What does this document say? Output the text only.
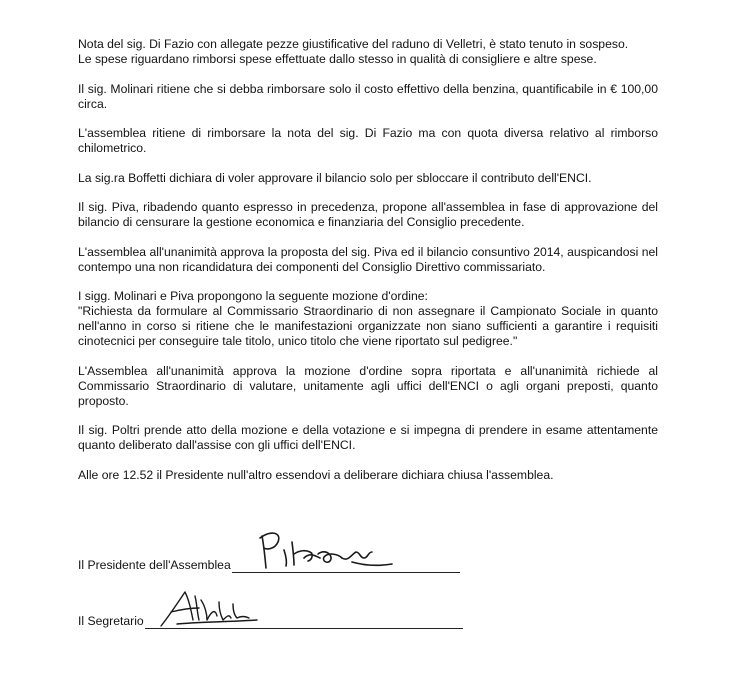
Nota del sig. Di Fazio con allegate pezze giustificative del raduno di Velletri, è stato tenuto in sospeso.
Le spese riguardano rimborsi spese effettuate dallo stesso in qualità di consigliere e altre spese.

Il sig. Molinari ritiene che si debba rimborsare solo il costo effettivo della benzina, quantificabile in € 100,00 circa.

L'assemblea ritiene di rimborsare la nota del sig. Di Fazio ma con quota diversa relativo al rimborso chilometrico.

La sig.ra Boffetti dichiara di voler approvare il bilancio solo per sbloccare il contributo dell'ENCI.

Il sig. Piva, ribadendo quanto espresso in precedenza, propone all'assemblea in fase di approvazione del bilancio di censurare la gestione economica e finanziaria del Consiglio precedente.

L'assemblea all'unanimità approva la proposta del sig. Piva ed il bilancio consuntivo 2014, auspicandosi nel contempo una non ricandidatura dei componenti del Consiglio Direttivo commissariato.

I sigg. Molinari e Piva propongono la seguente mozione d'ordine:
"Richiesta da formulare al Commissario Straordinario di non assegnare il Campionato Sociale in quanto nell'anno in corso si ritiene che le manifestazioni organizzate non siano sufficienti a garantire i requisiti cinotecnici per conseguire tale titolo, unico titolo che viene riportato sul pedigree."

L'Assemblea all'unanimità approva la mozione d'ordine sopra riportata e all'unanimità richiede al Commissario Straordinario di valutare, unitamente agli uffici dell'ENCI o agli organi preposti, quanto proposto.

Il sig. Poltri prende atto della mozione e della votazione e si impegna di prendere in esame attentamente quanto deliberato dall'assise con gli uffici dell'ENCI.

Alle ore 12.52 il Presidente null'altro essendovi a deliberare dichiara chiusa l'assemblea.

Il Presidente dell'Assemblea
Il Segretario
